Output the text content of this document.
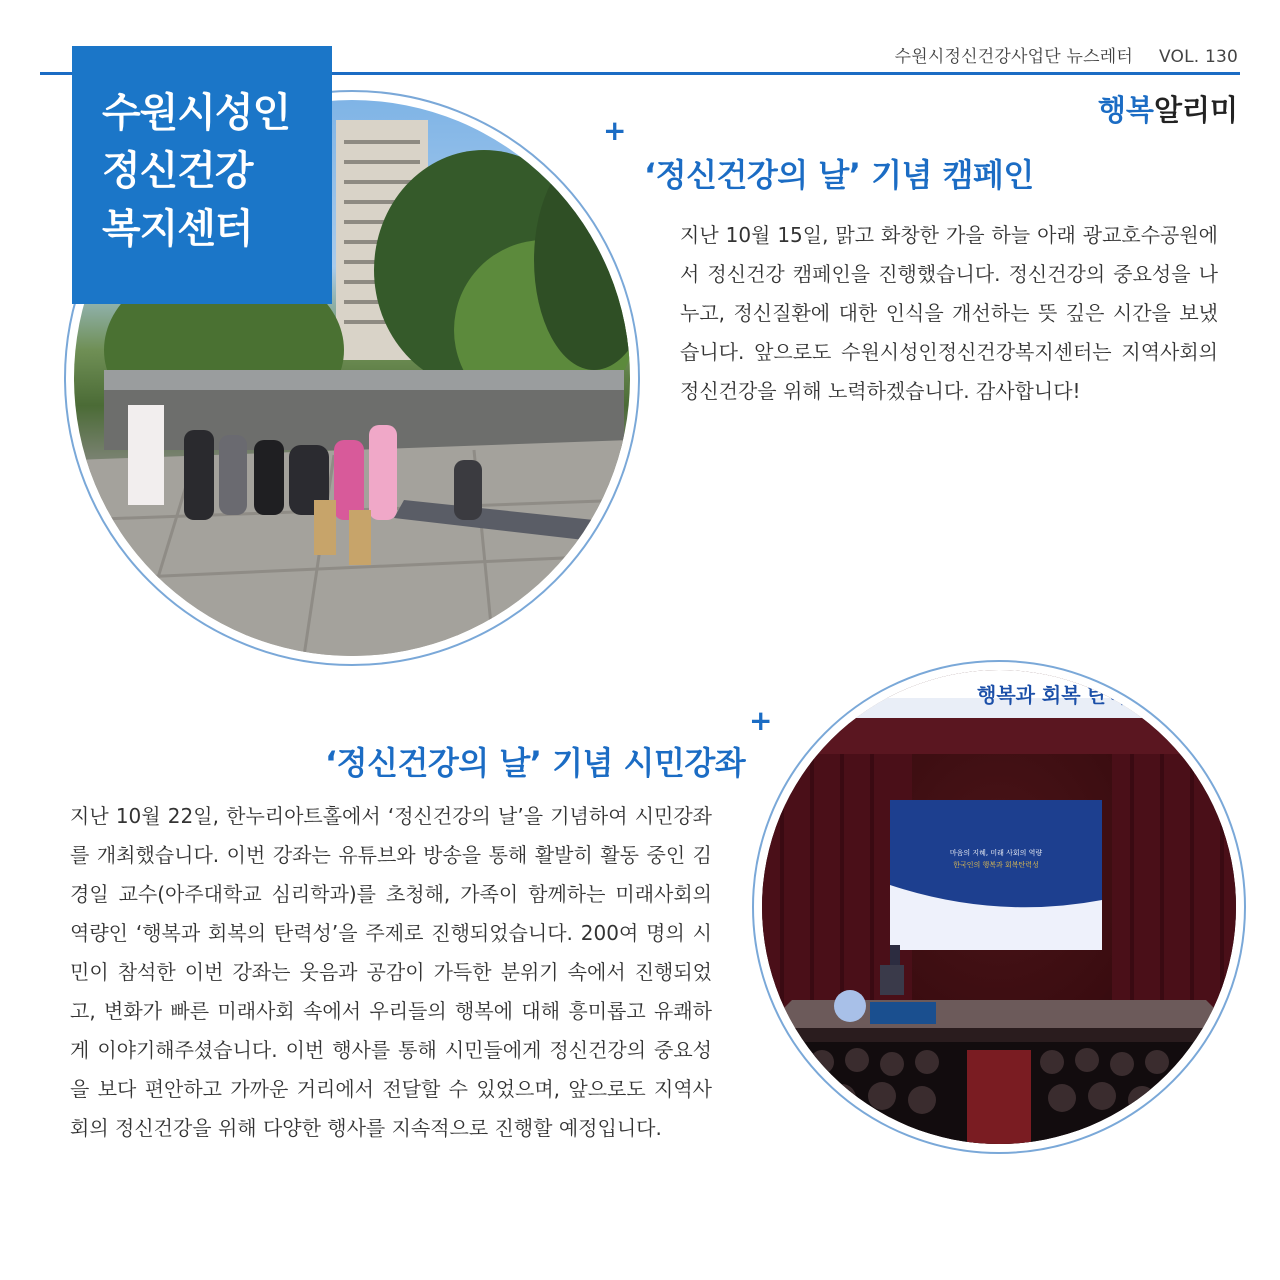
수원시정신건강사업단 뉴스레터 VOL. 130
행복알리미
수원시성인
정신건강
복지센터
+
‘정신건강의 날’ 기념 캠페인
지난 10월 15일, 맑고 화창한 가을 하늘 아래 광교호수공원에서 정신건강 캠페인을 진행했습니다. 정신건강의 중요성을 나누고, 정신질환에 대한 인식을 개선하는 뜻 깊은 시간을 보냈습니다. 앞으로도 수원시성인정신건강복지센터는 지역사회의 정신건강을 위해 노력하겠습니다. 감사합니다!
+
‘정신건강의 날’ 기념 시민강좌
지난 10월 22일, 한누리아트홀에서 ‘정신건강의 날’을 기념하여 시민강좌를 개최했습니다. 이번 강좌는 유튜브와 방송을 통해 활발히 활동 중인 김경일 교수(아주대학교 심리학과)를 초청해, 가족이 함께하는 미래사회의 역량인 ‘행복과 회복의 탄력성’을 주제로 진행되었습니다. 200여 명의 시민이 참석한 이번 강좌는 웃음과 공감이 가득한 분위기 속에서 진행되었고, 변화가 빠른 미래사회 속에서 우리들의 행복에 대해 흥미롭고 유쾌하게 이야기해주셨습니다. 이번 행사를 통해 시민들에게 정신건강의 중요성을 보다 편안하고 가까운 거리에서 전달할 수 있었으며, 앞으로도 지역사회의 정신건강을 위해 다양한 행사를 지속적으로 진행할 예정입니다.
행복과 회복 탄력성
마음의 지혜, 미래 사회의 역량
한국인의 행복과 회복탄력성
